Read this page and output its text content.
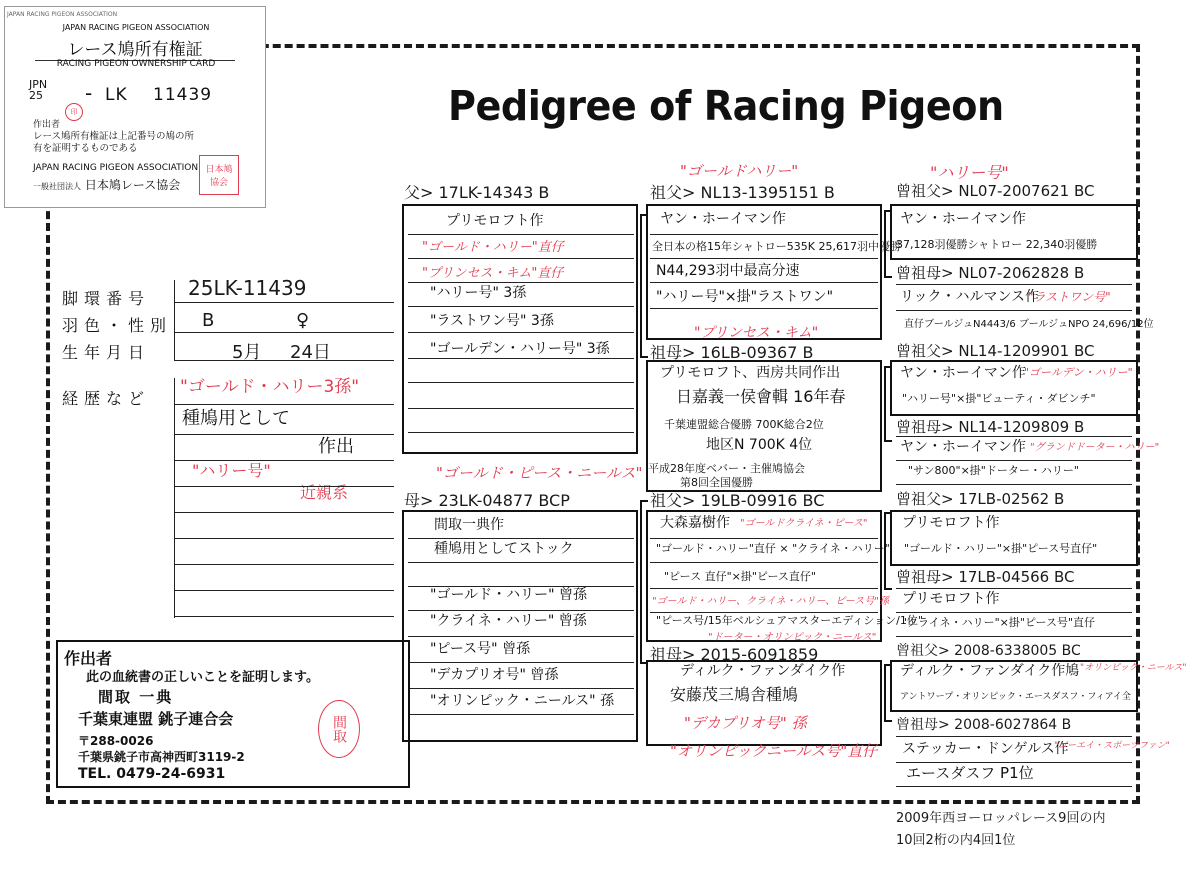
JAPAN RACING PIGEON ASSOCIATION
JAPAN RACING PIGEON ASSOCIATION
レース鳩所有権証
RACING PIGEON OWNERSHIP CARD
JPN
25 - LK 11439
印
作出者
レース鳩所有権証は上記番号の鳩の所有を証明するものである
JAPAN RACING PIGEON ASSOCIATION
一般社団法人 日本鳩レース協会
日本鳩
協会
Pedigree of Racing Pigeon
脚環番号 25LK-11439
羽色・性別 B	♀
生年月日	5月 24日
経歴など
"ゴールド・ハリー3孫"
種鳩用として
作出
"ハリー号"
近親系
父> 17LK-14343 B
プリモロフト作
"ゴールド・ハリー"直仔
"プリンセス・キム"直仔
"ハリー号" 3孫
"ラストワン号" 3孫
"ゴールデン・ハリー号" 3孫
"ゴールド・ピース・ニールス"
母> 23LK-04877 BCP
間取一典作
種鳩用としてストック
"ゴールド・ハリー" 曾孫
"クライネ・ハリー" 曾孫
"ピース号" 曾孫
"デカプリオ号" 曾孫
"オリンピック・ニールス" 孫
"ゴールドハリー"
祖父> NL13-1395151 B
ヤン・ホーイマン作
全日本の格15年シャトロー535K 25,617羽中優勝
N44,293羽中最高分速
"ハリー号"×掛"ラストワン"
"プリンセス・キム"
祖母> 16LB-09367 B
プリモロフト、西房共同作出
日嘉義一侯會輯 16年春
千葉連盟総合優勝 700K総合2位
地区N 700K 4位
平成28年度ベバー・主催鳩協会
第8回全国優勝
祖父> 19LB-09916 BC
大森嘉樹作 "ゴールドクライネ・ピース"
"ゴールド・ハリー"直仔 × "クライネ・ハリー"
"ピース 直仔"×掛"ピース直仔"
"ゴールド・ハリー、クライネ・ハリー、ピース号"孫
"ピース号/15年ベルシュアマスターエディション/1位"
"ドーター・オリンピック・ニールス"
祖母> 2015-6091859
ディルク・ファンダイク作
安藤茂三鳩舎種鳩
"デカプリオ号" 孫
"オリンピックニールス号"直仔
"ハリー号"
曾祖父> NL07-2007621 BC
ヤン・ホーイマン作
37,128羽優勝シャトロー 22,340羽優勝
曾祖母> NL07-2062828 B
リック・ハルマンス作
"ラストワン号"
直仔ブールジュN4443/6 ブールジュNPO 24,696/12位
曾祖父> NL14-1209901 BC
ヤン・ホーイマン作
"ゴールデン・ハリー"
"ハリー号"×掛"ビューティ・ダビンチ"
曾祖母> NL14-1209809 B
ヤン・ホーイマン作 "グランドドーター・ハリー"
"サン800"×掛"ドーター・ハリー"
曾祖父> 17LB-02562 B
プリモロフト作
"ゴールド・ハリー"×掛"ピース号直仔"
曾祖母> 17LB-04566 BC
プリモロフト作
"クライネ・ハリー"×掛"ピース号"直仔
曾祖父> 2008-6338005 BC
ディルク・ファンダイク作鳩 "オリンピック・ニールス"
アントワープ・オリンピック・エースダスフ・フィアイ全
曾祖母> 2008-6027864 B
ステッカー・ドンゲルス作
"ゴーエイ・スポーツファン"
エースダスフ P1位
作出者
此の血統書の正しいことを証明します。
間取 一典
千葉東連盟 銚子連合会
〒288-0026
千葉県銚子市高神西町3119-2
TEL. 0479-24-6931
間取
2009年西ヨーロッパレース9回の内
10回2桁の内4回1位
